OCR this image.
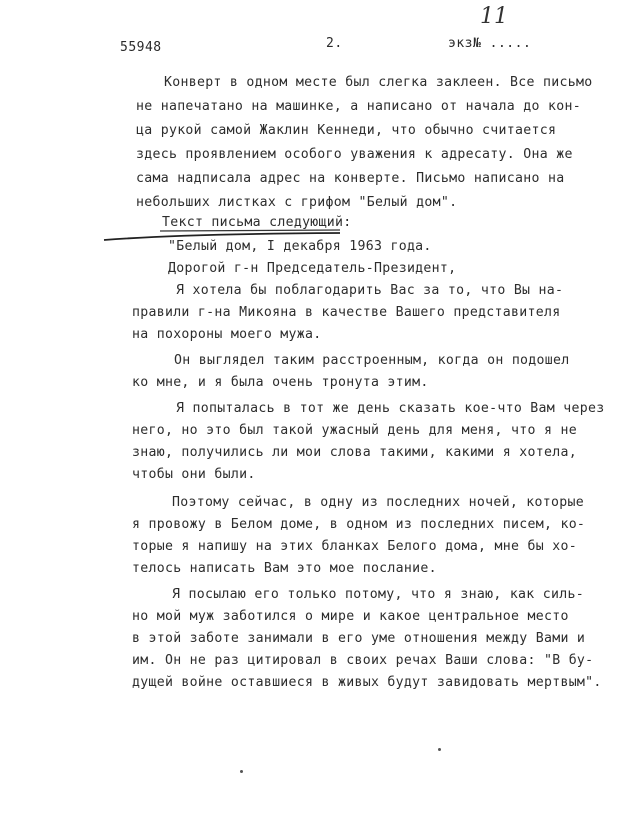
55948	2.	экз№ .....
11
Конверт в одном месте был слегка заклеен. Все письмо
не напечатано на машинке, а написано от начала до кон-
ца рукой самой Жаклин Кеннеди, что обычно считается
здесь проявлением особого уважения к адресату. Она же
сама надписала адрес на конверте. Письмо написано на
небольших листках с грифом "Белый дом".
Текст письма следующий:
"Белый дом, I декабря 1963 года.
Дорогой г-н Председатель-Президент,
Я хотела бы поблагодарить Вас за то, что Вы на-
правили г-на Микояна в качестве Вашего представителя
на похороны моего мужа.
Он выглядел таким расстроенным, когда он подошел
ко мне, и я была очень тронута этим.
Я попыталась в тот же день сказать кое-что Вам через
него, но это был такой ужасный день для меня, что я не
знаю, получились ли мои слова такими, какими я хотела,
чтобы они были.
Поэтому сейчас, в одну из последних ночей, которые
я провожу в Белом доме, в одном из последних писем, ко-
торые я напишу на этих бланках Белого дома, мне бы хо-
телось написать Вам это мое послание.
Я посылаю его только потому, что я знаю, как силь-
но мой муж заботился о мире и какое центральное место
в этой заботе занимали в его уме отношения между Вами и
им. Он не раз цитировал в своих речах Ваши слова: "В бу-
дущей войне оставшиеся в живых будут завидовать мертвым".
